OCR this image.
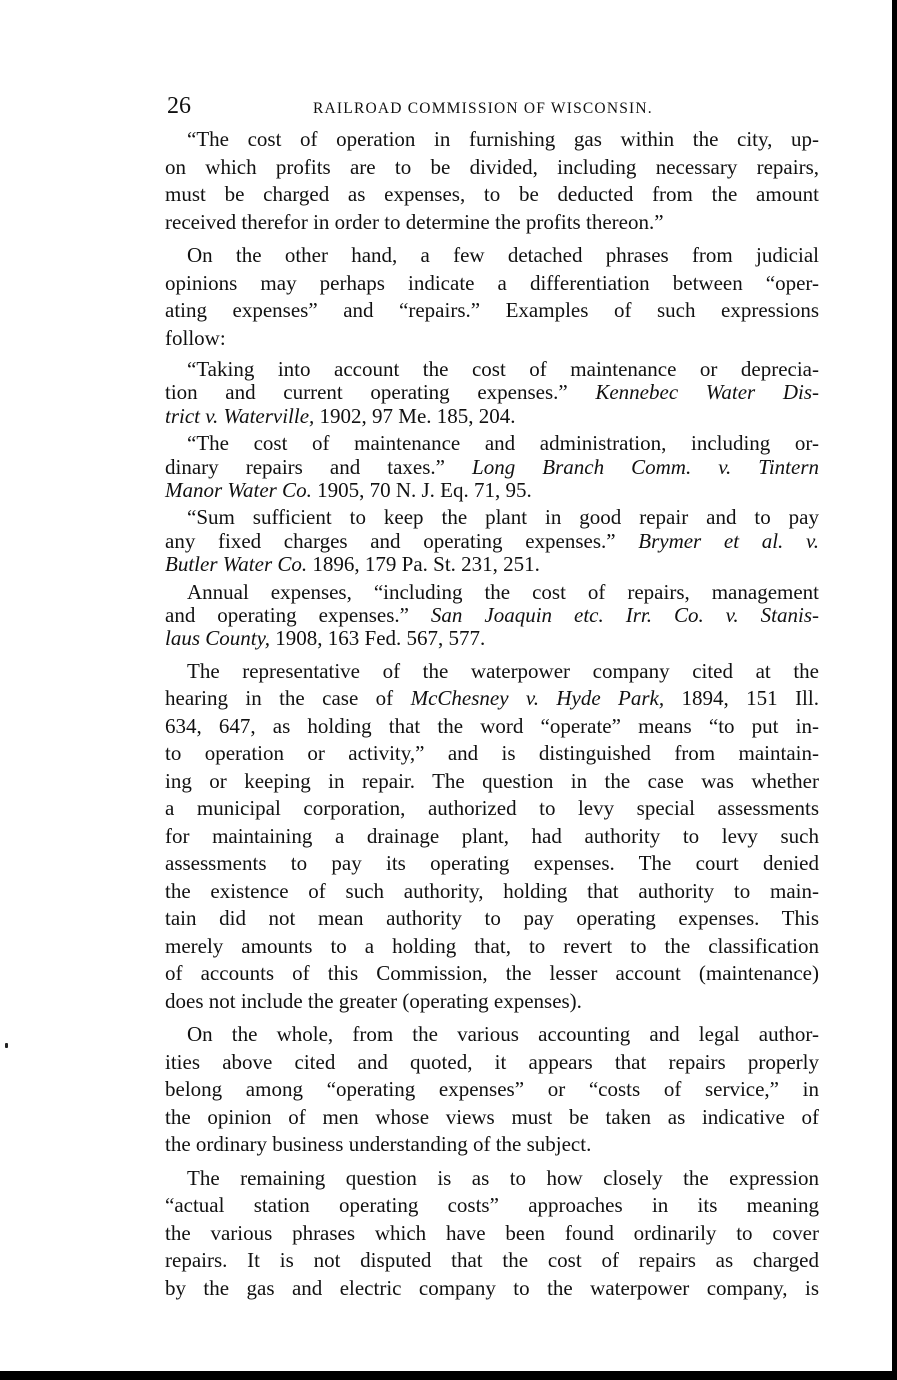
26	RAILROAD COMMISSION OF WISCONSIN.
“The cost of operation in furnishing gas within the city, up-
on which profits are to be divided, including necessary repairs,
must be charged as expenses, to be deducted from the amount
received therefor in order to determine the profits thereon.”
On the other hand, a few detached phrases from judicial
opinions may perhaps indicate a differentiation between “oper-
ating expenses” and “repairs.” Examples of such expressions
follow:
“Taking into account the cost of maintenance or deprecia-
tion and current operating expenses.” Kennebec Water Dis-
trict v. Waterville, 1902, 97 Me. 185, 204.
“The cost of maintenance and administration, including or-
dinary repairs and taxes.” Long Branch Comm. v. Tintern
Manor Water Co. 1905, 70 N. J. Eq. 71, 95.
“Sum sufficient to keep the plant in good repair and to pay
any fixed charges and operating expenses.” Brymer et al. v.
Butler Water Co. 1896, 179 Pa. St. 231, 251.
Annual expenses, “including the cost of repairs, management
and operating expenses.” San Joaquin etc. Irr. Co. v. Stanis-
laus County, 1908, 163 Fed. 567, 577.
The representative of the waterpower company cited at the
hearing in the case of McChesney v. Hyde Park, 1894, 151 Ill.
634, 647, as holding that the word “operate” means “to put in-
to operation or activity,” and is distinguished from maintain-
ing or keeping in repair. The question in the case was whether
a municipal corporation, authorized to levy special assessments
for maintaining a drainage plant, had authority to levy such
assessments to pay its operating expenses. The court denied
the existence of such authority, holding that authority to main-
tain did not mean authority to pay operating expenses. This
merely amounts to a holding that, to revert to the classification
of accounts of this Commission, the lesser account (maintenance)
does not include the greater (operating expenses).
On the whole, from the various accounting and legal author-
ities above cited and quoted, it appears that repairs properly
belong among “operating expenses” or “costs of service,” in
the opinion of men whose views must be taken as indicative of
the ordinary business understanding of the subject.
The remaining question is as to how closely the expression
“actual station operating costs” approaches in its meaning
the various phrases which have been found ordinarily to cover
repairs. It is not disputed that the cost of repairs as charged
by the gas and electric company to the waterpower company, is
